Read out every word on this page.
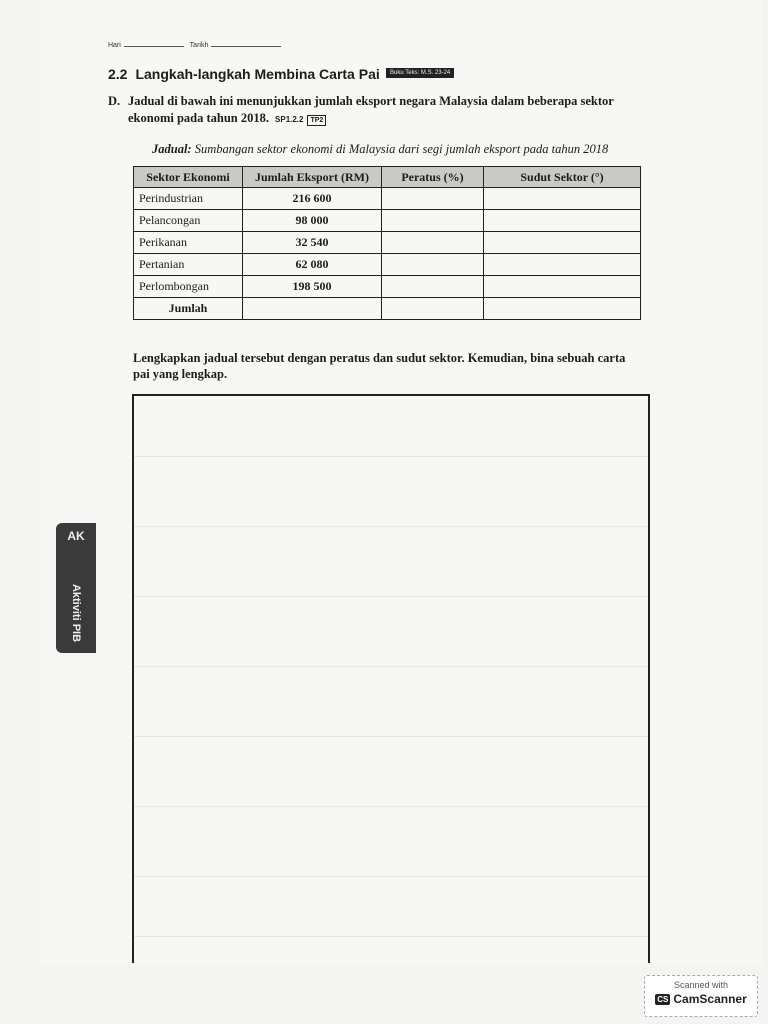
Hari	Tarikh
2.2 Langkah-langkah Membina Carta Pai	Buku Teks: M.S. 23-24
D. Jadual di bawah ini menunjukkan jumlah eksport negara Malaysia dalam beberapa sektor ekonomi pada tahun 2018. SP1.2.2 TP2
Jadual: Sumbangan sektor ekonomi di Malaysia dari segi jumlah eksport pada tahun 2018
Sektor Ekonomi	Jumlah Eksport (RM)	Peratus (%)	Sudut Sektor (°)
Perindustrian	216 600		
Pelancongan	98 000		
Perikanan	32 540		
Pertanian	62 080		
Perlombongan	198 500		
Jumlah			
Lengkapkan jadual tersebut dengan peratus dan sudut sektor. Kemudian, bina sebuah carta pai yang lengkap.
AK
Aktiviti PIB
Scanned with
CS CamScanner
